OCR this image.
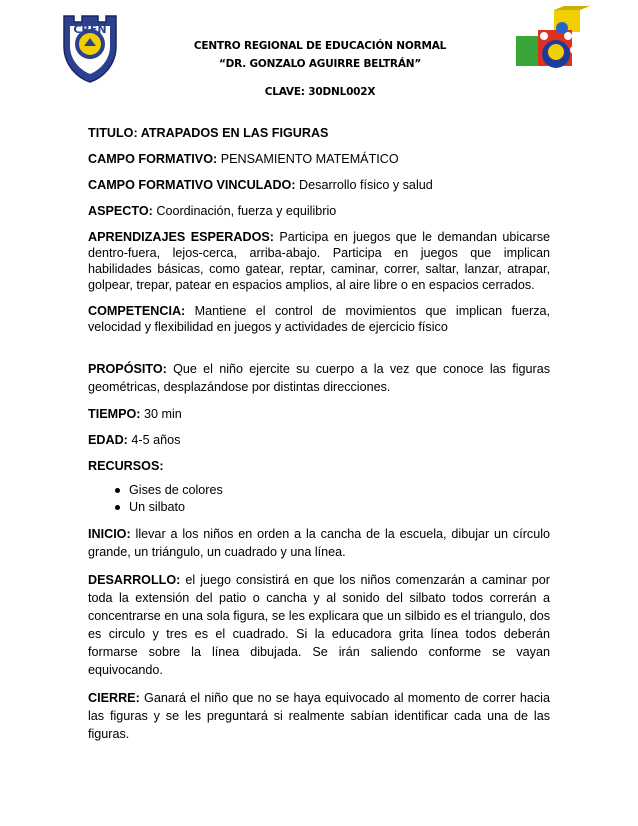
CREN
CENTRO REGIONAL DE EDUCACIÓN NORMAL
“DR. GONZALO AGUIRRE BELTRÁN”
CLAVE: 30DNL002X

TITULO: ATRAPADOS EN LAS FIGURAS

CAMPO FORMATIVO: PENSAMIENTO MATEMÁTICO

CAMPO FORMATIVO VINCULADO: Desarrollo físico y salud

ASPECTO: Coordinación, fuerza y equilibrio

APRENDIZAJES ESPERADOS: Participa en juegos que le demandan ubicarse dentro-fuera, lejos-cerca, arriba-abajo. Participa en juegos que implican habilidades básicas, como gatear, reptar, caminar, correr, saltar, lanzar, atrapar, golpear, trepar, patear en espacios amplios, al aire libre o en espacios cerrados.

COMPETENCIA: Mantiene el control de movimientos que implican fuerza, velocidad y flexibilidad en juegos y actividades de ejercicio físico

PROPÓSITO: Que el niño ejercite su cuerpo a la vez que conoce las figuras geométricas, desplazándose por distintas direcciones.

TIEMPO: 30 min

EDAD: 4-5 años

RECURSOS:

Gises de colores
Un silbato

INICIO: llevar a los niños en orden a la cancha de la escuela, dibujar un círculo grande, un triángulo, un cuadrado y una línea.

DESARROLLO: el juego consistirá en que los niños comenzarán a caminar por toda la extensión del patio o cancha y al sonido del silbato todos correrán a concentrarse en una sola figura, se les explicara que un silbido es el triangulo, dos es circulo y tres es el cuadrado. Si la educadora grita línea todos deberán formarse sobre la línea dibujada. Se irán saliendo conforme se vayan equivocando.

CIERRE: Ganará el niño que no se haya equivocado al momento de correr hacia las figuras y se les preguntará si realmente sabían identificar cada una de las figuras.
